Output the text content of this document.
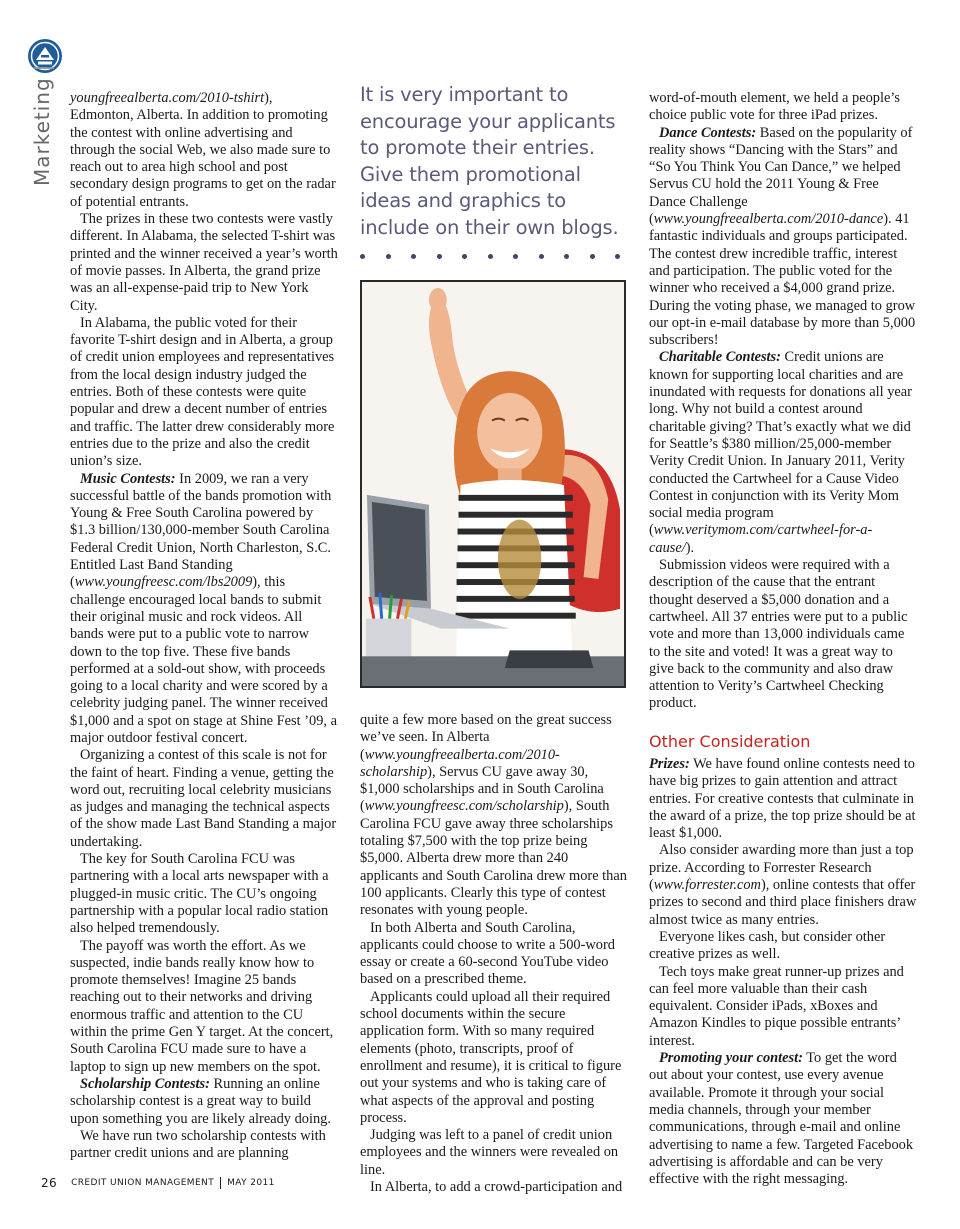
Marketing|

youngfreealberta.com/2010-tshirt), Edmonton, Alberta. In addition to promoting the contest with online advertising and through the social Web, we also made sure to reach out to area high school and post secondary design programs to get on the radar of potential entrants.

The prizes in these two contests were vastly different. In Alabama, the selected T-shirt was printed and the winner received a year’s worth of movie passes. In Alberta, the grand prize was an all-expense-paid trip to New York City.

In Alabama, the public voted for their favorite T-shirt design and in Alberta, a group of credit union employees and representatives from the local design industry judged the entries. Both of these contests were quite popular and drew a decent number of entries and traffic. The latter drew considerably more entries due to the prize and also the credit union’s size.

Music Contests: In 2009, we ran a very successful battle of the bands promotion with Young & Free South Carolina powered by $1.3 billion/130,000-member South Carolina Federal Credit Union, North Charleston, S.C. Entitled Last Band Standing (www.youngfreesc.com/lbs2009), this challenge encouraged local bands to submit their original music and rock videos. All bands were put to a public vote to narrow down to the top five. These five bands performed at a sold-out show, with proceeds going to a local charity and were scored by a celebrity judging panel. The winner received $1,000 and a spot on stage at Shine Fest ’09, a major outdoor festival concert.

Organizing a contest of this scale is not for the faint of heart. Finding a venue, getting the word out, recruiting local celebrity musicians as judges and managing the technical aspects of the show made Last Band Standing a major undertaking.

The key for South Carolina FCU was partnering with a local arts newspaper with a plugged-in music critic. The CU’s ongoing partnership with a popular local radio station also helped tremendously.

The payoff was worth the effort. As we suspected, indie bands really know how to promote themselves! Imagine 25 bands reaching out to their networks and driving enormous traffic and attention to the CU within the prime Gen Y target. At the concert, South Carolina FCU made sure to have a laptop to sign up new members on the spot.

Scholarship Contests: Running an online scholarship contest is a great way to build upon something you are likely already doing.

We have run two scholarship contests with partner credit unions and are planning

It is very important to encourage your applicants to promote their entries. Give them promotional ideas and graphics to include on their own blogs.

quite a few more based on the great success we’ve seen. In Alberta (www.youngfreealberta.com/2010-scholarship), Servus CU gave away 30, $1,000 scholarships and in South Carolina (www.youngfreesc.com/scholarship), South Carolina FCU gave away three scholarships totaling $7,500 with the top prize being $5,000. Alberta drew more than 240 applicants and South Carolina drew more than 100 applicants. Clearly this type of contest resonates with young people.

In both Alberta and South Carolina, applicants could choose to write a 500-word essay or create a 60-second YouTube video based on a prescribed theme.

Applicants could upload all their required school documents within the secure application form. With so many required elements (photo, transcripts, proof of enrollment and resume), it is critical to figure out your systems and who is taking care of what aspects of the approval and posting process.

Judging was left to a panel of credit union employees and the winners were revealed on line.

In Alberta, to add a crowd-participation and

word-of-mouth element, we held a people’s choice public vote for three iPad prizes.

Dance Contests: Based on the popularity of reality shows “Dancing with the Stars” and “So You Think You Can Dance,” we helped Servus CU hold the 2011 Young & Free Dance Challenge (www.youngfreealberta.com/2010-dance). 41 fantastic individuals and groups participated. The contest drew incredible traffic, interest and participation. The public voted for the winner who received a $4,000 grand prize. During the voting phase, we managed to grow our opt-in e-mail database by more than 5,000 subscribers!

Charitable Contests: Credit unions are known for supporting local charities and are inundated with requests for donations all year long. Why not build a contest around charitable giving? That’s exactly what we did for Seattle’s $380 million/25,000-member Verity Credit Union. In January 2011, Verity conducted the Cartwheel for a Cause Video Contest in conjunction with its Verity Mom social media program (www.veritymom.com/cartwheel-for-a-cause/).

Submission videos were required with a description of the cause that the entrant thought deserved a $5,000 donation and a cartwheel. All 37 entries were put to a public vote and more than 13,000 individuals came to the site and voted! It was a great way to give back to the community and also draw attention to Verity’s Cartwheel Checking product.

Other Consideration

Prizes: We have found online contests need to have big prizes to gain attention and attract entries. For creative contests that culminate in the award of a prize, the top prize should be at least $1,000.

Also consider awarding more than just a top prize. According to Forrester Research (www.forrester.com), online contests that offer prizes to second and third place finishers draw almost twice as many entries.

Everyone likes cash, but consider other creative prizes as well.

Tech toys make great runner-up prizes and can feel more valuable than their cash equivalent. Consider iPads, xBoxes and Amazon Kindles to pique possible entrants’ interest.

Promoting your contest: To get the word out about your contest, use every avenue available. Promote it through your social media channels, through your member communications, through e-mail and online advertising to name a few. Targeted Facebook advertising is affordable and can be very effective with the right messaging.

26 CREDIT UNION MANAGEMENT MAY 2011
